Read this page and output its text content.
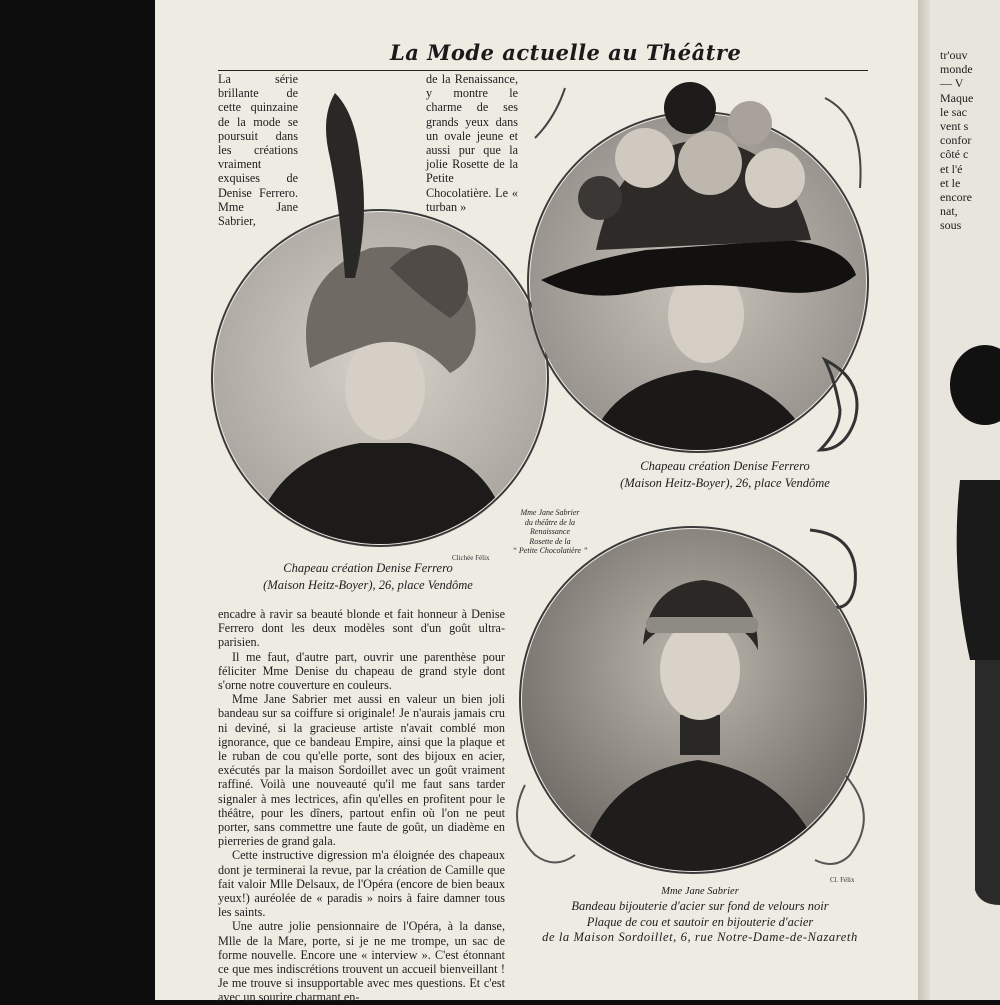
La Mode actuelle au Théâtre
La série brillante de cette quinzaine de la mode se poursuit dans les créations vraiment exquises de Denise Ferrero. Mme Jane Sabrier,
de la Renaissance, y montre le charme de ses grands yeux dans un ovale jeune et aussi pur que la jolie Rosette de la Petite Chocolatière. Le « turban »
Mme Jane Sabrier
du théâtre de la
Renaissance
Rosette de la
“ Petite Chocolatière ”
Clichée Félix
Chapeau création Denise Ferrero
(Maison Heitz-Boyer), 26, place Vendôme
Chapeau création Denise Ferrero
(Maison Heitz-Boyer), 26, place Vendôme
Cl. Félix
Mme Jane Sabrier
Bandeau bijouterie d'acier sur fond de velours noir
Plaque de cou et sautoir en bijouterie d'acier
de la Maison Sordoillet, 6, rue Notre-Dame-de-Nazareth

encadre à ravir sa beauté blonde et fait honneur à Denise Ferrero dont les deux modèles sont d'un goût ultra-parisien.

Il me faut, d'autre part, ouvrir une parenthèse pour féliciter Mme Denise du chapeau de grand style dont s'orne notre couverture en couleurs.

Mme Jane Sabrier met aussi en valeur un bien joli bandeau sur sa coiffure si originale! Je n'aurais jamais cru ni deviné, si la gracieuse artiste n'avait comblé mon ignorance, que ce bandeau Empire, ainsi que la plaque et le ruban de cou qu'elle porte, sont des bijoux en acier, exécutés par la maison Sordoillet avec un goût vraiment raffiné. Voilà une nouveauté qu'il me faut sans tarder signaler à mes lectrices, afin qu'elles en profitent pour le théâtre, pour les dîners, partout enfin où l'on ne peut porter, sans commettre une faute de goût, un diadème en pierreries de grand gala.

Cette instructive digression m'a éloignée des chapeaux dont je terminerai la revue, par la création de Camille que fait valoir Mlle Delsaux, de l'Opéra (encore de bien beaux yeux!) auréolée de « paradis » noirs à faire damner tous les saints.

Une autre jolie pensionnaire de l'Opéra, à la danse, Mlle de la Mare, porte, si je ne me trompe, un sac de forme nouvelle. Encore une « interview ». C'est étonnant ce que mes indiscrétions trouvent un accueil bienveillant ! Je me trouve si insupportable avec mes questions. Et c'est avec un sourire charmant en-

tr'ouv
monde
— V
Maque
le sac
vent s
confor
côté c
et l'é
et le
encore
nat,
sous
